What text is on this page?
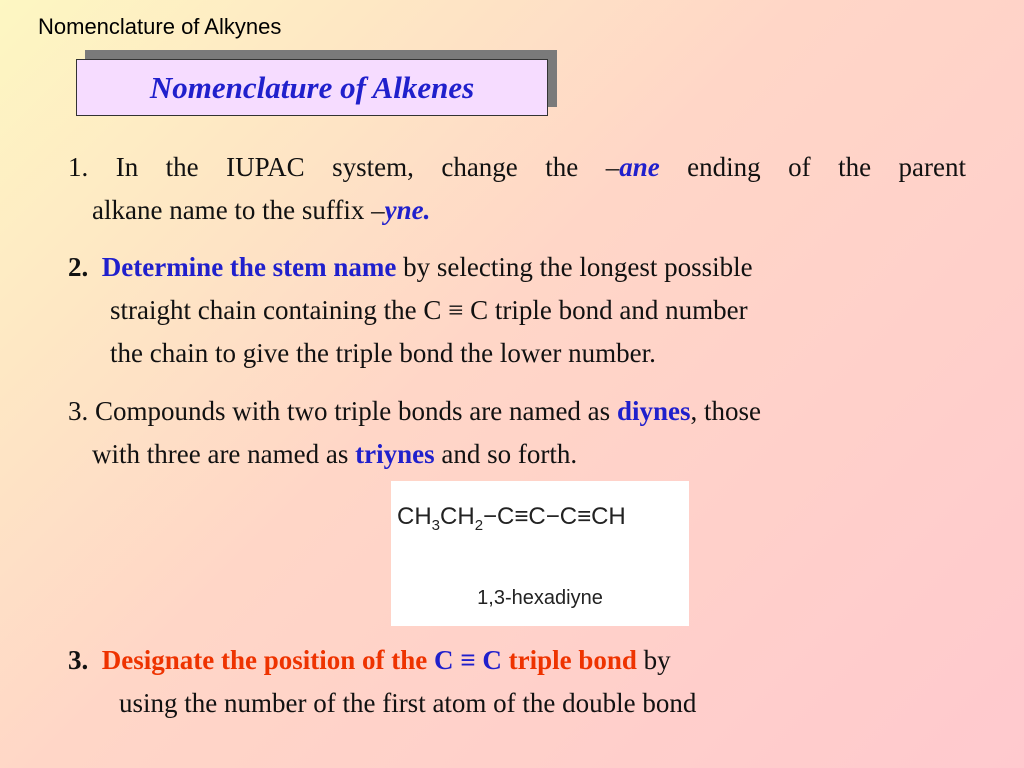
Nomenclature of Alkynes
Nomenclature of Alkenes
1. In the IUPAC system, change the –ane ending of the parent
alkane name to the suffix –yne.
2. Determine the stem name by selecting the longest possible
straight chain containing the C ≡ C triple bond and number
the chain to give the triple bond the lower number.
3. Compounds with two triple bonds are named as diynes, those
with three are named as triynes and so forth.
$CH_3CH_2-C\equiv C-C\equiv CH$
1,3-hexadiyne
3. Designate the position of the C ≡ C triple bond by
using the number of the first atom of the double bond
